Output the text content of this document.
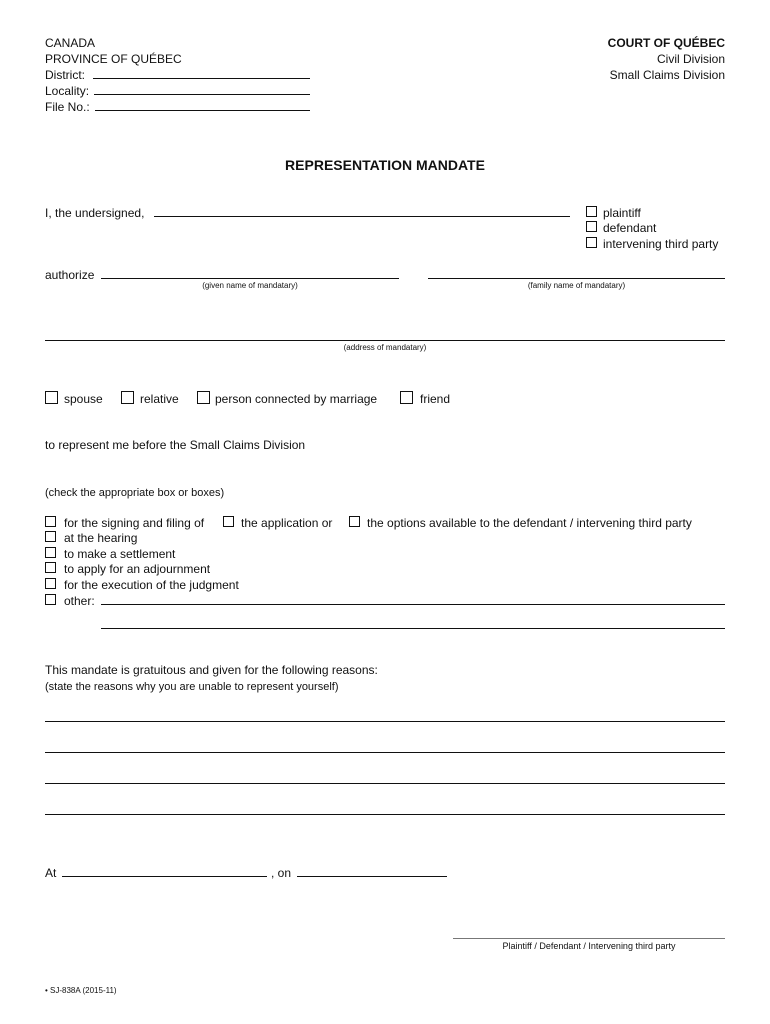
CANADA
PROVINCE OF QUÉBEC
District:
Locality:
File No.:
COURT OF QUÉBEC
Civil Division
Small Claims Division
REPRESENTATION MANDATE
I, the undersigned,	plaintiff
defendant
intervening third party
authorize
(given name of mandatary)	(family name of mandatary)
(address of mandatary)
spouse	relative	person connected by marriage	friend
to represent me before the Small Claims Division
(check the appropriate box or boxes)
for the signing and filing of	the application or	the options available to the defendant / intervening third party
at the hearing
to make a settlement
to apply for an adjournment
for the execution of the judgment
other:
This mandate is gratuitous and given for the following reasons:
(state the reasons why you are unable to represent yourself)
At	, on
Plaintiff / Defendant / Intervening third party
• SJ-838A (2015-11)
